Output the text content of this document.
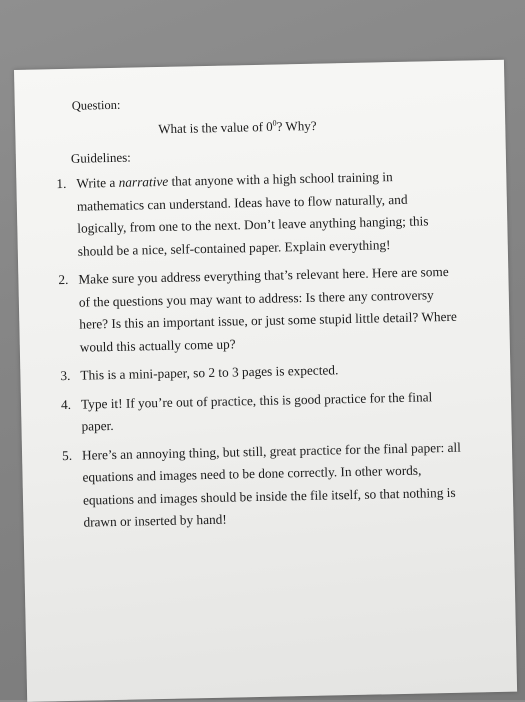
Question:
What is the value of $0^0$? Why?
Guidelines:
1. Write a narrative that anyone with a high school training in mathematics can understand. Ideas have to flow naturally, and logically, from one to the next. Don’t leave anything hanging; this should be a nice, self-contained paper. Explain everything!
2. Make sure you address everything that’s relevant here. Here are some of the questions you may want to address: Is there any controversy here? Is this an important issue, or just some stupid little detail? Where would this actually come up?
3. This is a mini-paper, so 2 to 3 pages is expected.
4. Type it! If you’re out of practice, this is good practice for the final paper.
5. Here’s an annoying thing, but still, great practice for the final paper: all equations and images need to be done correctly. In other words, equations and images should be inside the file itself, so that nothing is drawn or inserted by hand!
